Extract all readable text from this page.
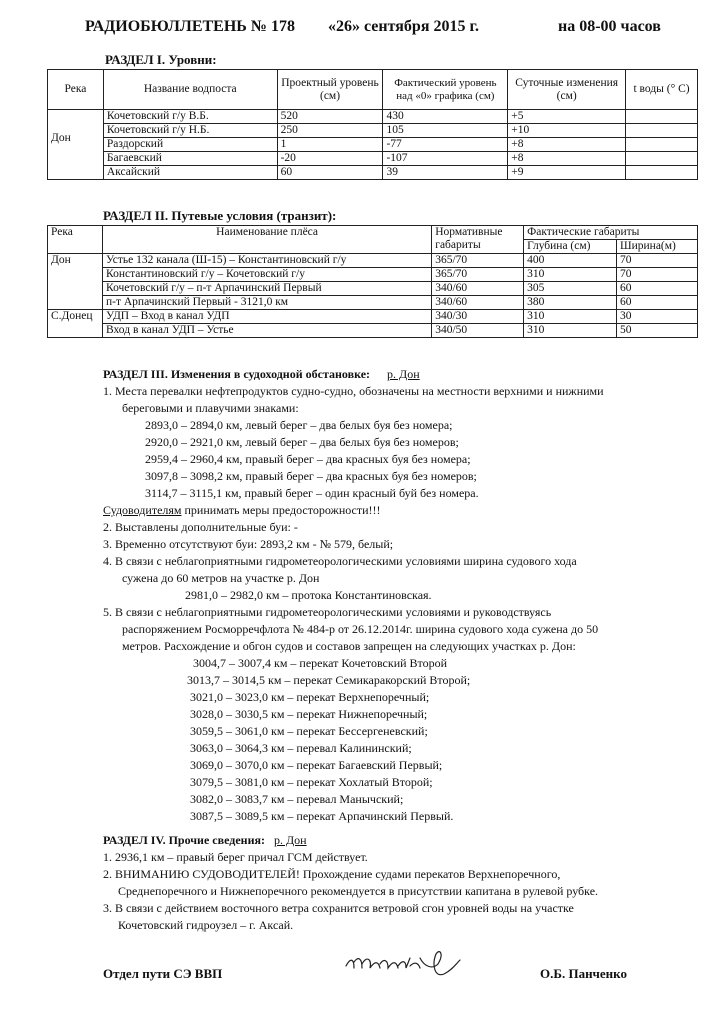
РАДИОБЮЛЛЕТЕНЬ № 178 «26» сентября 2015 г.	на 08-00 часов
РАЗДЕЛ I. Уровни:
Река	Название водпоста	Проектный уровень (см)	Фактический уровень над «0» графика (см)	Суточные изменения (см)	t воды (° C)
Дон	Кочетовский г/у В.Б.	520	430	+5	
	Кочетовский г/у Н.Б.	250	105	+10	
	Раздорский	1	-77	+8	
	Багаевский	-20	-107	+8	
	Аксайский	60	39	+9	
РАЗДЕЛ II. Путевые условия (транзит):
Река	Наименование плёса	Нормативные габариты	Фактические габариты	
			Глубина (см)	Ширина(м)
Дон	Устье 132 канала (Ш-15) – Константиновский г/у	365/70	400	70
	Константиновский г/у – Кочетовский г/у	365/70	310	70
	Кочетовский г/у – п-т Арпачинский Первый	340/60	305	60
	п-т Арпачинский Первый - 3121,0 км	340/60	380	60
С.Донец	УДП – Вход в канал УДП	340/30	310	30
	Вход в канал УДП – Устье	340/50	310	50
РАЗДЕЛ III. Изменения в судоходной обстановке: р. Дон
1. Места перевалки нефтепродуктов судно-судно, обозначены на местности верхними и нижними
береговыми и плавучими знаками:
2893,0 – 2894,0 км, левый берег – два белых буя без номера;
2920,0 – 2921,0 км, левый берег – два белых буя без номеров;
2959,4 – 2960,4 км, правый берег – два красных буя без номера;
3097,8 – 3098,2 км, правый берег – два красных буя без номеров;
3114,7 – 3115,1 км, правый берег – один красный буй без номера.
Судоводителям принимать меры предосторожности!!!
2. Выставлены дополнительные буи: -
3. Временно отсутствуют буи: 2893,2 км - № 579, белый;
4. В связи с неблагоприятными гидрометеорологическими условиями ширина судового хода
сужена до 60 метров на участке р. Дон
2981,0 – 2982,0 км – протока Константиновская.
5. В связи с неблагоприятными гидрометеорологическими условиями и руководствуясь
распоряжением Росморречфлота № 484-р от 26.12.2014г. ширина судового хода сужена до 50
метров. Расхождение и обгон судов и составов запрещен на следующих участках р. Дон:
3004,7 – 3007,4 км – перекат Кочетовский Второй
3013,7 – 3014,5 км – перекат Семикаракорский Второй;
3021,0 – 3023,0 км – перекат Верхнепоречный;
3028,0 – 3030,5 км – перекат Нижнепоречный;
3059,5 – 3061,0 км – перекат Бессергеневский;
3063,0 – 3064,3 км – перевал Калининский;
3069,0 – 3070,0 км – перекат Багаевский Первый;
3079,5 – 3081,0 км – перекат Хохлатый Второй;
3082,0 – 3083,7 км – перевал Манычский;
3087,5 – 3089,5 км – перекат Арпачинский Первый.
РАЗДЕЛ IV. Прочие сведения: р. Дон
1. 2936,1 км – правый берег причал ГСМ действует.
2. ВНИМАНИЮ СУДОВОДИТЕЛЕЙ! Прохождение судами перекатов Верхнепоречного,
Среднепоречного и Нижнепоречного рекомендуется в присутствии капитана в рулевой рубке.
3. В связи с действием восточного ветра сохранится ветровой сгон уровней воды на участке
Кочетовский гидроузел – г. Аксай.
Отдел пути СЭ ВВП	О.Б. Панченко
